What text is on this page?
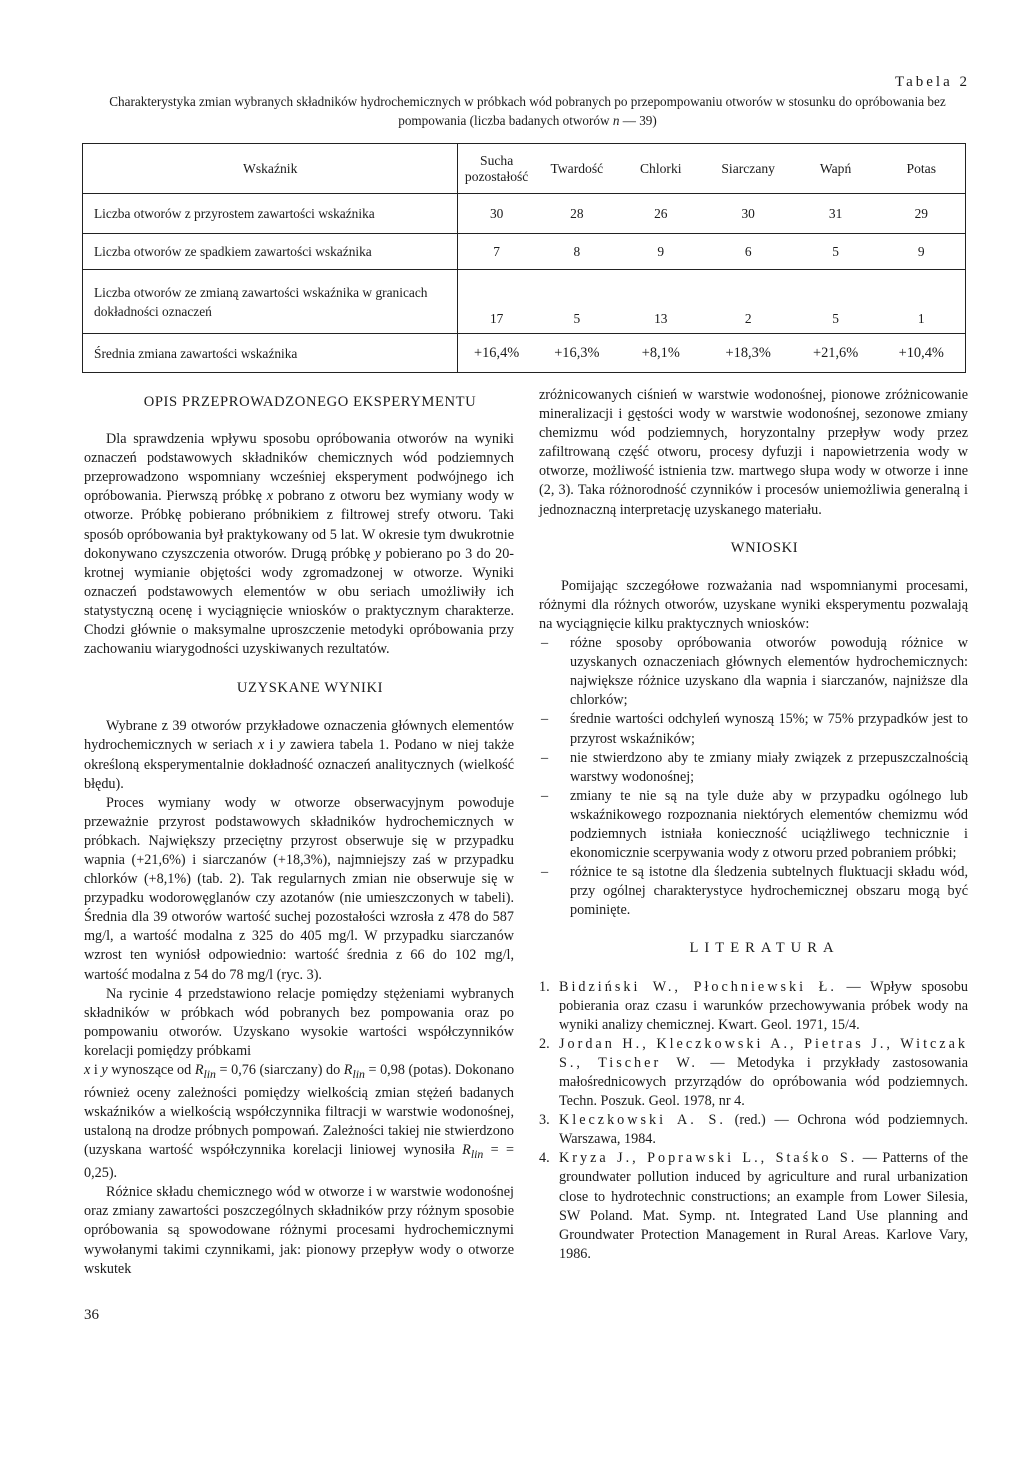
Tabela 2
Charakterystyka zmian wybranych składników hydrochemicznych w próbkach wód pobranych po przepompowaniu otworów w stosunku do opróbowania bez pompowania (liczba badanych otworów n — 39)
Wskaźnik	Sucha pozostałość	Twardość	Chlorki	Siarczany	Wapń	Potas
Liczba otworów z przyrostem zawartości wskaźnika	30	28	26	30	31	29
Liczba otworów ze spadkiem zawartości wskaźnika	7	8	9	6	5	9
Liczba otworów ze zmianą zawartości wskaźnika w granicach dokładności oznaczeń	17	5	13	2	5	1
Średnia zmiana zawartości wskaźnika	+16,4%	+16,3%	+8,1%	+18,3%	+21,6%	+10,4%

OPIS PRZEPROWADZONEGO EKSPERYMENTU

Dla sprawdzenia wpływu sposobu opróbowania otworów na wyniki oznaczeń podstawowych składników chemicznych wód podziemnych przeprowadzono wspomniany wcześniej eksperyment podwójnego ich opróbowania. Pierwszą próbkę x pobrano z otworu bez wymiany wody w otworze. Próbkę pobierano próbnikiem z filtrowej strefy otworu. Taki sposób opróbowania był praktykowany od 5 lat. W okresie tym dwukrotnie dokonywano czyszczenia otworów. Drugą próbkę y pobierano po 3 do 20-krotnej wymianie objętości wody zgromadzonej w otworze. Wyniki oznaczeń podstawowych elementów w obu seriach umożliwiły ich statystyczną ocenę i wyciągnięcie wniosków o praktycznym charakterze. Chodzi głównie o maksymalne uproszczenie metodyki opróbowania przy zachowaniu wiarygodności uzyskiwanych rezultatów.

UZYSKANE WYNIKI

Wybrane z 39 otworów przykładowe oznaczenia głównych elementów hydrochemicznych w seriach x i y zawiera tabela 1. Podano w niej także określoną eksperymentalnie dokładność oznaczeń analitycznych (wielkość błędu).

Proces wymiany wody w otworze obserwacyjnym powoduje przeważnie przyrost podstawowych składników hydrochemicznych w próbkach. Największy przeciętny przyrost obserwuje się w przypadku wapnia (+21,6%) i siarczanów (+18,3%), najmniejszy zaś w przypadku chlorków (+8,1%) (tab. 2). Tak regularnych zmian nie obserwuje się w przypadku wodorowęglanów czy azotanów (nie umieszczonych w tabeli). Średnia dla 39 otworów wartość suchej pozostałości wzrosła z 478 do 587 mg/l, a wartość modalna z 325 do 405 mg/l. W przypadku siarczanów wzrost ten wyniósł odpowiednio: wartość średnia z 66 do 102 mg/l, wartość modalna z 54 do 78 mg/l (ryc. 3).

Na rycinie 4 przedstawiono relacje pomiędzy stężeniami wybranych składników w próbkach wód pobranych bez pompowania oraz po pompowaniu otworów. Uzyskano wysokie wartości współczynników korelacji pomiędzy próbkami
x i y wynoszące od $R_{lin} = 0,76$ (siarczany) do $R_{lin} = 0,98$ (potas). Dokonano również oceny zależności pomiędzy wielkością zmian stężeń badanych wskaźników a wielkością współczynnika filtracji w warstwie wodonośnej, ustaloną na drodze próbnych pompowań. Zależności takiej nie stwierdzono (uzyskana wartość współczynnika korelacji liniowej wynosiła $R_{lin}$ = = 0,25).

Różnice składu chemicznego wód w otworze i w warstwie wodonośnej oraz zmiany zawartości poszczególnych składników przy różnym sposobie opróbowania są spowodowane różnymi procesami hydrochemicznymi wywołanymi takimi czynnikami, jak: pionowy przepływ wody o otworze wskutek

zróżnicowanych ciśnień w warstwie wodonośnej, pionowe zróżnicowanie mineralizacji i gęstości wody w warstwie wodonośnej, sezonowe zmiany chemizmu wód podziemnych, horyzontalny przepływ wody przez zafiltrowaną część otworu, procesy dyfuzji i napowietrzenia wody w otworze, możliwość istnienia tzw. martwego słupa wody w otworze i inne (2, 3). Taka różnorodność czynników i procesów uniemożliwia generalną i jednoznaczną interpretację uzyskanego materiału.

WNIOSKI

Pomijając szczegółowe rozważania nad wspomnianymi procesami, różnymi dla różnych otworów, uzyskane wyniki eksperymentu pozwalają na wyciągnięcie kilku praktycznych wniosków:

– różne sposoby opróbowania otworów powodują różnice w uzyskanych oznaczeniach głównych elementów hydrochemicznych: największe różnice uzyskano dla wapnia i siarczanów, najniższe dla chlorków;
– średnie wartości odchyleń wynoszą 15%; w 75% przypadków jest to przyrost wskaźników;
– nie stwierdzono aby te zmiany miały związek z przepuszczalnością warstwy wodonośnej;
– zmiany te nie są na tyle duże aby w przypadku ogólnego lub wskaźnikowego rozpoznania niektórych elementów chemizmu wód podziemnych istniała konieczność uciążliwego technicznie i ekonomicznie scerpywania wody z otworu przed pobraniem próbki;
– różnice te są istotne dla śledzenia subtelnych fluktuacji składu wód, przy ogólnej charakterystyce hydrochemicznej obszaru mogą być pominięte.

LITERATURA

1. Bidziński W., Płochniewski Ł. — Wpływ sposobu pobierania oraz czasu i warunków przechowywania próbek wody na wyniki analizy chemicznej. Kwart. Geol. 1971, 15/4.
2. Jordan H., Kleczkowski A., Pietras J., Witczak S., Tischer W. — Metodyka i przykłady zastosowania małośrednicowych przyrządów do opróbowania wód podziemnych. Techn. Poszuk. Geol. 1978, nr 4.
3. Kleczkowski A. S. (red.) — Ochrona wód podziemnych. Warszawa, 1984.
4. Kryza J., Poprawski L., Staśko S. — Patterns of the groundwater pollution induced by agriculture and rural urbanization close to hydrotechnic constructions; an example from Lower Silesia, SW Poland. Mat. Symp. nt. Integrated Land Use planning and Groundwater Protection Management in Rural Areas. Karlove Vary, 1986.
36
